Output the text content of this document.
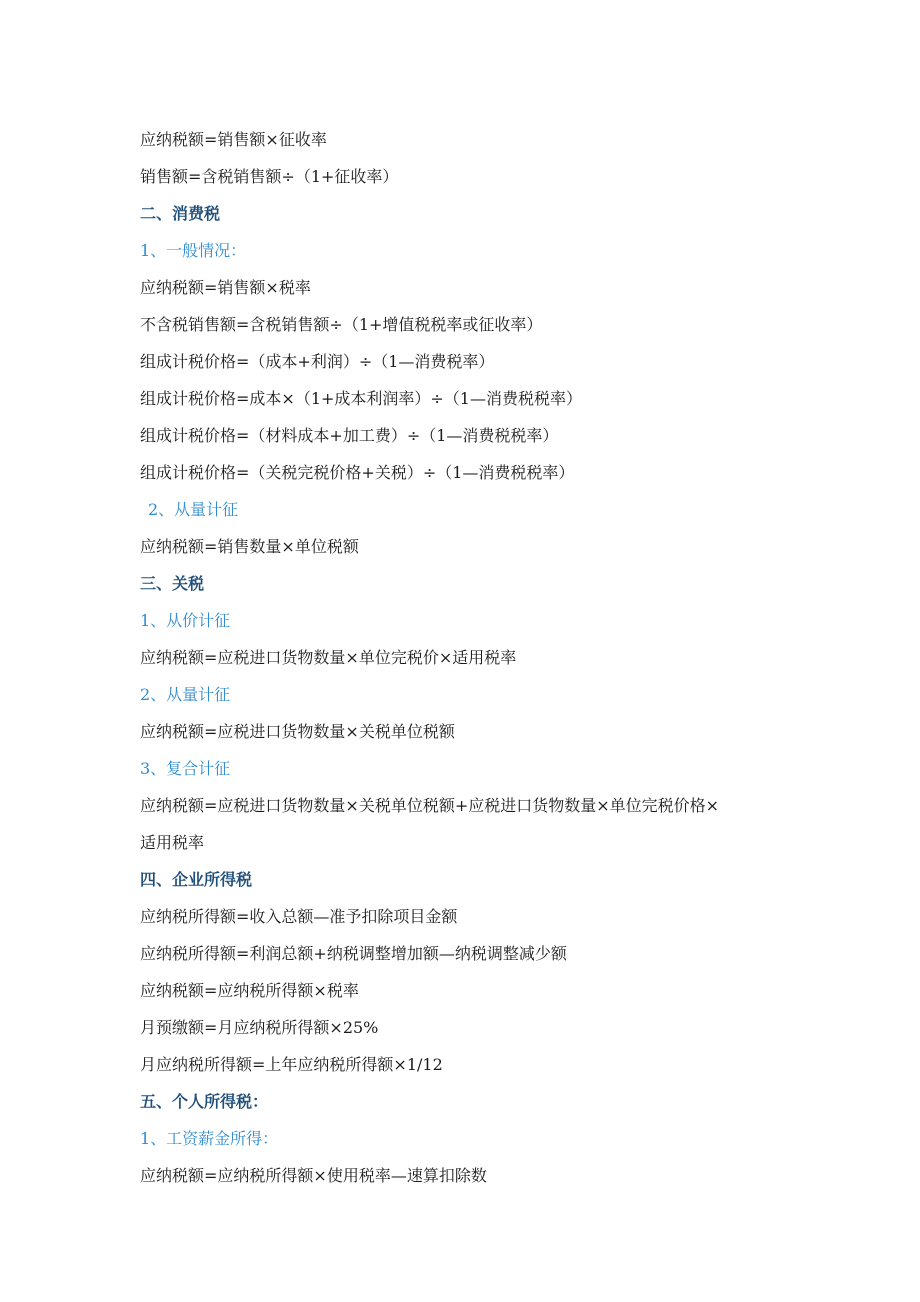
应纳税额=销售额×征收率

销售额=含税销售额÷（1+征收率）

二、消费税

1、一般情况：

应纳税额=销售额×税率

不含税销售额=含税销售额÷（1+增值税税率或征收率）

组成计税价格=（成本+利润）÷（1—消费税率）

组成计税价格=成本×（1+成本利润率）÷（1—消费税税率）

组成计税价格=（材料成本+加工费）÷（1—消费税税率）

组成计税价格=（关税完税价格+关税）÷（1—消费税税率）

2、从量计征

应纳税额=销售数量×单位税额

三、关税

1、从价计征

应纳税额=应税进口货物数量×单位完税价×适用税率

2、从量计征

应纳税额=应税进口货物数量×关税单位税额

3、复合计征

应纳税额=应税进口货物数量×关税单位税额+应税进口货物数量×单位完税价格×

适用税率

四、企业所得税

应纳税所得额=收入总额—准予扣除项目金额

应纳税所得额=利润总额+纳税调整增加额—纳税调整减少额

应纳税额=应纳税所得额×税率

月预缴额=月应纳税所得额×25%

月应纳税所得额=上年应纳税所得额×1/12

五、个人所得税：

1、工资薪金所得：

应纳税额=应纳税所得额×使用税率—速算扣除数
